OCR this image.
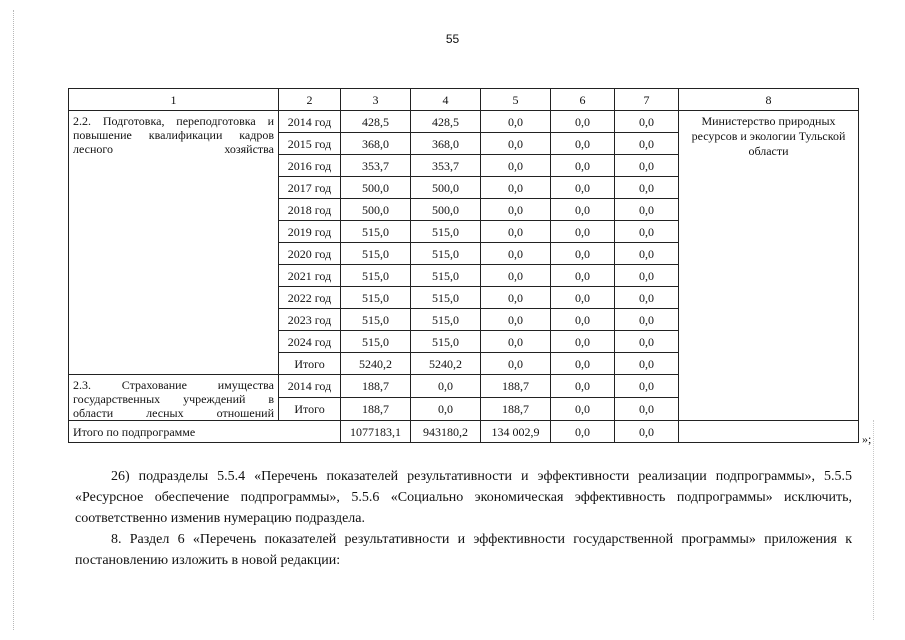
55
1	2	3	4	5	6	7	8
2.2. Подготовка, переподготовка и повышение квалификации кадров лесного хозяйства	2014 год	428,5	428,5	0,0	0,0	0,0	Министерство природных ресурсов и экологии Тульской области
	2015 год	368,0	368,0	0,0	0,0	0,0	
	2016 год	353,7	353,7	0,0	0,0	0,0	
	2017 год	500,0	500,0	0,0	0,0	0,0	
	2018 год	500,0	500,0	0,0	0,0	0,0	
	2019 год	515,0	515,0	0,0	0,0	0,0	
	2020 год	515,0	515,0	0,0	0,0	0,0	
	2021 год	515,0	515,0	0,0	0,0	0,0	
	2022 год	515,0	515,0	0,0	0,0	0,0	
	2023 год	515,0	515,0	0,0	0,0	0,0	
	2024 год	515,0	515,0	0,0	0,0	0,0	
	Итого	5240,2	5240,2	0,0	0,0	0,0	
2.3. Страхование имущества государственных учреждений в области лесных отношений	2014 год	188,7	0,0	188,7	0,0	0,0	
	Итого	188,7	0,0	188,7	0,0	0,0	
Итого по подпрограмме		1077183,1	943180,2	134 002,9	0,0	0,0	
»;
26) подразделы 5.5.4 «Перечень показателей результативности и эффективности реализации подпрограммы», 5.5.5 «Ресурсное обеспечение подпрограммы», 5.5.6 «Социально экономическая эффективность подпрограммы» исключить, соответственно изменив нумерацию подраздела.
8. Раздел 6 «Перечень показателей результативности и эффективности государственной программы» приложения к постановлению изложить в новой редакции:
